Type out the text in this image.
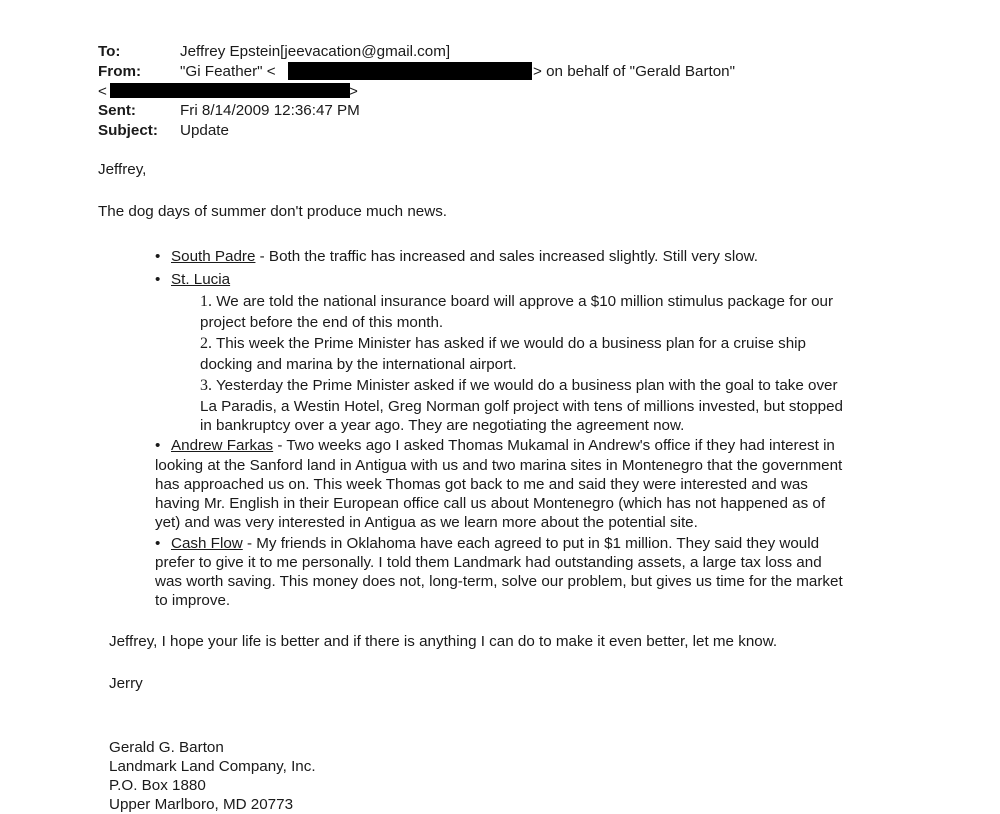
To:	Jeffrey Epstein[jeevacation@gmail.com]
From:	"Gi Feather" <	> on behalf of "Gerald Barton"
<	>
Sent:	Fri 8/14/2009 12:36:47 PM
Subject: Update
Jeffrey,
The dog days of summer don't produce much news.
• South Padre - Both the traffic has increased and sales increased slightly. Still very slow.
• St. Lucia
1. We are told the national insurance board will approve a $10 million stimulus package for our
project before the end of this month.
2. This week the Prime Minister has asked if we would do a business plan for a cruise ship
docking and marina by the international airport.
3. Yesterday the Prime Minister asked if we would do a business plan with the goal to take over
La Paradis, a Westin Hotel, Greg Norman golf project with tens of millions invested, but stopped
in bankruptcy over a year ago. They are negotiating the agreement now.
• Andrew Farkas - Two weeks ago I asked Thomas Mukamal in Andrew's office if they had interest in
looking at the Sanford land in Antigua with us and two marina sites in Montenegro that the government
has approached us on. This week Thomas got back to me and said they were interested and was
having Mr. English in their European office call us about Montenegro (which has not happened as of
yet) and was very interested in Antigua as we learn more about the potential site.
• Cash Flow - My friends in Oklahoma have each agreed to put in $1 million. They said they would
prefer to give it to me personally. I told them Landmark had outstanding assets, a large tax loss and
was worth saving. This money does not, long-term, solve our problem, but gives us time for the market
to improve.
Jeffrey, I hope your life is better and if there is anything I can do to make it even better, let me know.
Jerry
Gerald G. Barton
Landmark Land Company, Inc.
P.O. Box 1880
Upper Marlboro, MD 20773
